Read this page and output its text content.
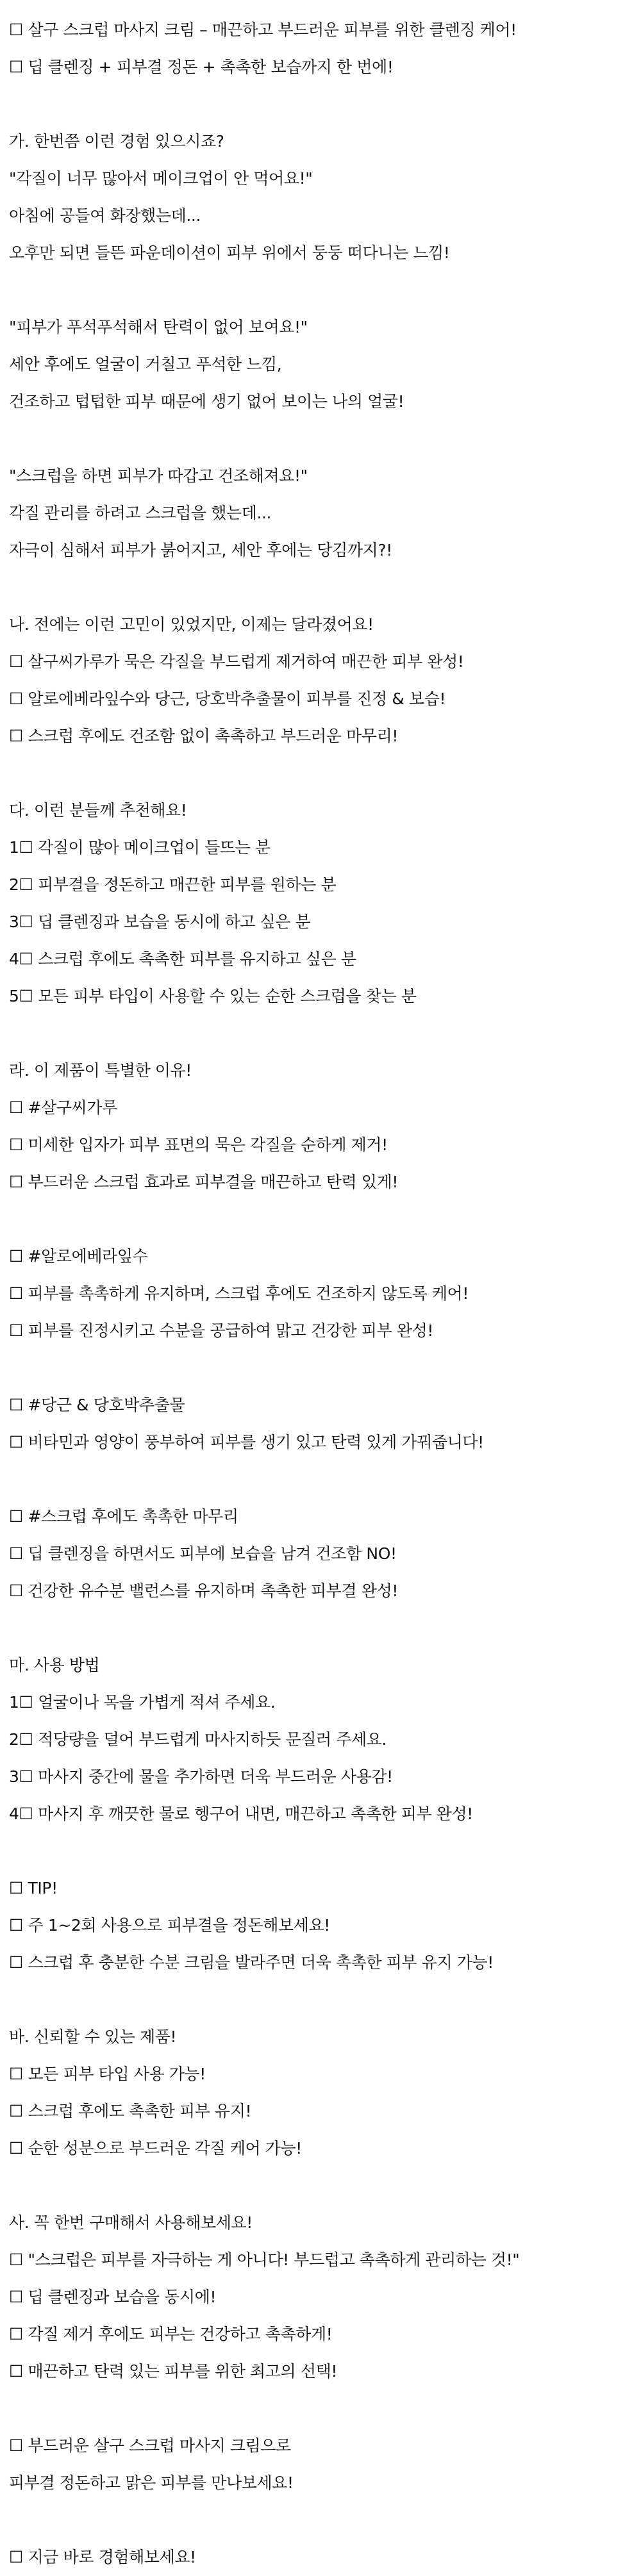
☐ 살구 스크럽 마사지 크림 – 매끈하고 부드러운 피부를 위한 클렌징 케어!
☐ 딥 클렌징 + 피부결 정돈 + 촉촉한 보습까지 한 번에!
가. 한번쯤 이런 경험 있으시죠?
"각질이 너무 많아서 메이크업이 안 먹어요!"
아침에 공들여 화장했는데...
오후만 되면 들뜬 파운데이션이 피부 위에서 둥둥 떠다니는 느낌!
"피부가 푸석푸석해서 탄력이 없어 보여요!"
세안 후에도 얼굴이 거칠고 푸석한 느낌,
건조하고 텁텁한 피부 때문에 생기 없어 보이는 나의 얼굴!
"스크럽을 하면 피부가 따갑고 건조해져요!"
각질 관리를 하려고 스크럽을 했는데...
자극이 심해서 피부가 붉어지고, 세안 후에는 당김까지?!
나. 전에는 이런 고민이 있었지만, 이제는 달라졌어요!
☐ 살구씨가루가 묵은 각질을 부드럽게 제거하여 매끈한 피부 완성!
☐ 알로에베라잎수와 당근, 당호박추출물이 피부를 진정 & 보습!
☐ 스크럽 후에도 건조함 없이 촉촉하고 부드러운 마무리!
다. 이런 분들께 추천해요!
1☐ 각질이 많아 메이크업이 들뜨는 분
2☐ 피부결을 정돈하고 매끈한 피부를 원하는 분
3☐ 딥 클렌징과 보습을 동시에 하고 싶은 분
4☐ 스크럽 후에도 촉촉한 피부를 유지하고 싶은 분
5☐ 모든 피부 타입이 사용할 수 있는 순한 스크럽을 찾는 분
라. 이 제품이 특별한 이유!
☐ #살구씨가루
☐ 미세한 입자가 피부 표면의 묵은 각질을 순하게 제거!
☐ 부드러운 스크럽 효과로 피부결을 매끈하고 탄력 있게!
☐ #알로에베라잎수
☐ 피부를 촉촉하게 유지하며, 스크럽 후에도 건조하지 않도록 케어!
☐ 피부를 진정시키고 수분을 공급하여 맑고 건강한 피부 완성!
☐ #당근 & 당호박추출물
☐ 비타민과 영양이 풍부하여 피부를 생기 있고 탄력 있게 가꿔줍니다!
☐ #스크럽 후에도 촉촉한 마무리
☐ 딥 클렌징을 하면서도 피부에 보습을 남겨 건조함 NO!
☐ 건강한 유수분 밸런스를 유지하며 촉촉한 피부결 완성!
마. 사용 방법
1☐ 얼굴이나 목을 가볍게 적셔 주세요.
2☐ 적당량을 덜어 부드럽게 마사지하듯 문질러 주세요.
3☐ 마사지 중간에 물을 추가하면 더욱 부드러운 사용감!
4☐ 마사지 후 깨끗한 물로 헹구어 내면, 매끈하고 촉촉한 피부 완성!
☐ TIP!
☐ 주 1~2회 사용으로 피부결을 정돈해보세요!
☐ 스크럽 후 충분한 수분 크림을 발라주면 더욱 촉촉한 피부 유지 가능!
바. 신뢰할 수 있는 제품!
☐ 모든 피부 타입 사용 가능!
☐ 스크럽 후에도 촉촉한 피부 유지!
☐ 순한 성분으로 부드러운 각질 케어 가능!
사. 꼭 한번 구매해서 사용해보세요!
☐ "스크럽은 피부를 자극하는 게 아니다! 부드럽고 촉촉하게 관리하는 것!"
☐ 딥 클렌징과 보습을 동시에!
☐ 각질 제거 후에도 피부는 건강하고 촉촉하게!
☐ 매끈하고 탄력 있는 피부를 위한 최고의 선택!
☐ 부드러운 살구 스크럽 마사지 크림으로
피부결 정돈하고 맑은 피부를 만나보세요!
☐ 지금 바로 경험해보세요!
